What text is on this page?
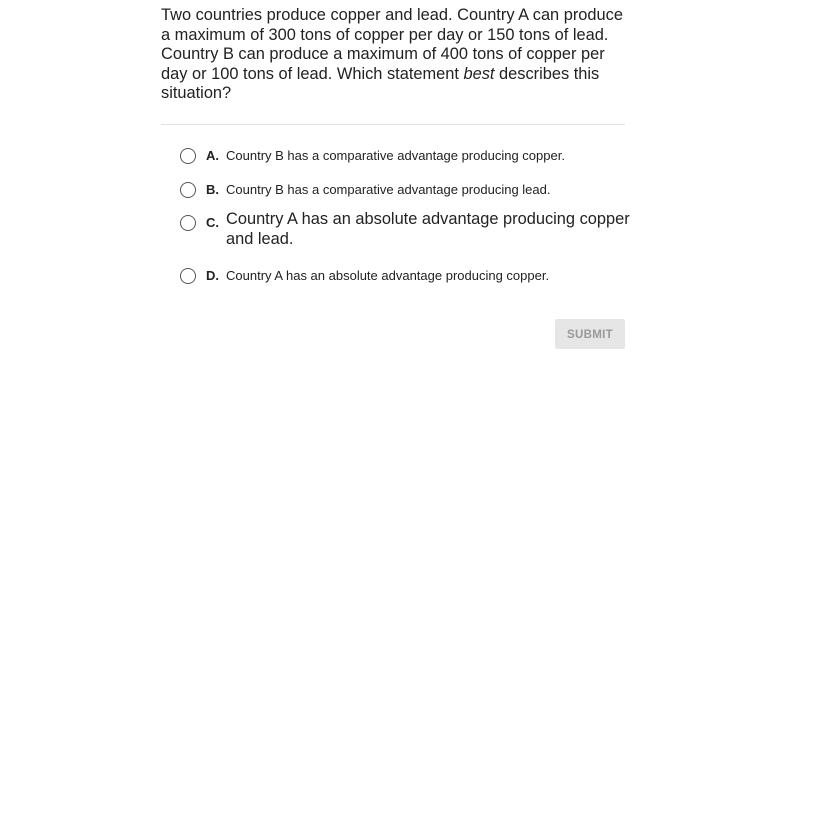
Two countries produce copper and lead. Country A can produce a maximum of 300 tons of copper per day or 150 tons of lead. Country B can produce a maximum of 400 tons of copper per day or 100 tons of lead. Which statement best describes this situation?

A. Country B has a comparative advantage producing copper.
B. Country B has a comparative advantage producing lead.
C. Country A has an absolute advantage producing copper and lead.
D. Country A has an absolute advantage producing copper.
SUBMIT
